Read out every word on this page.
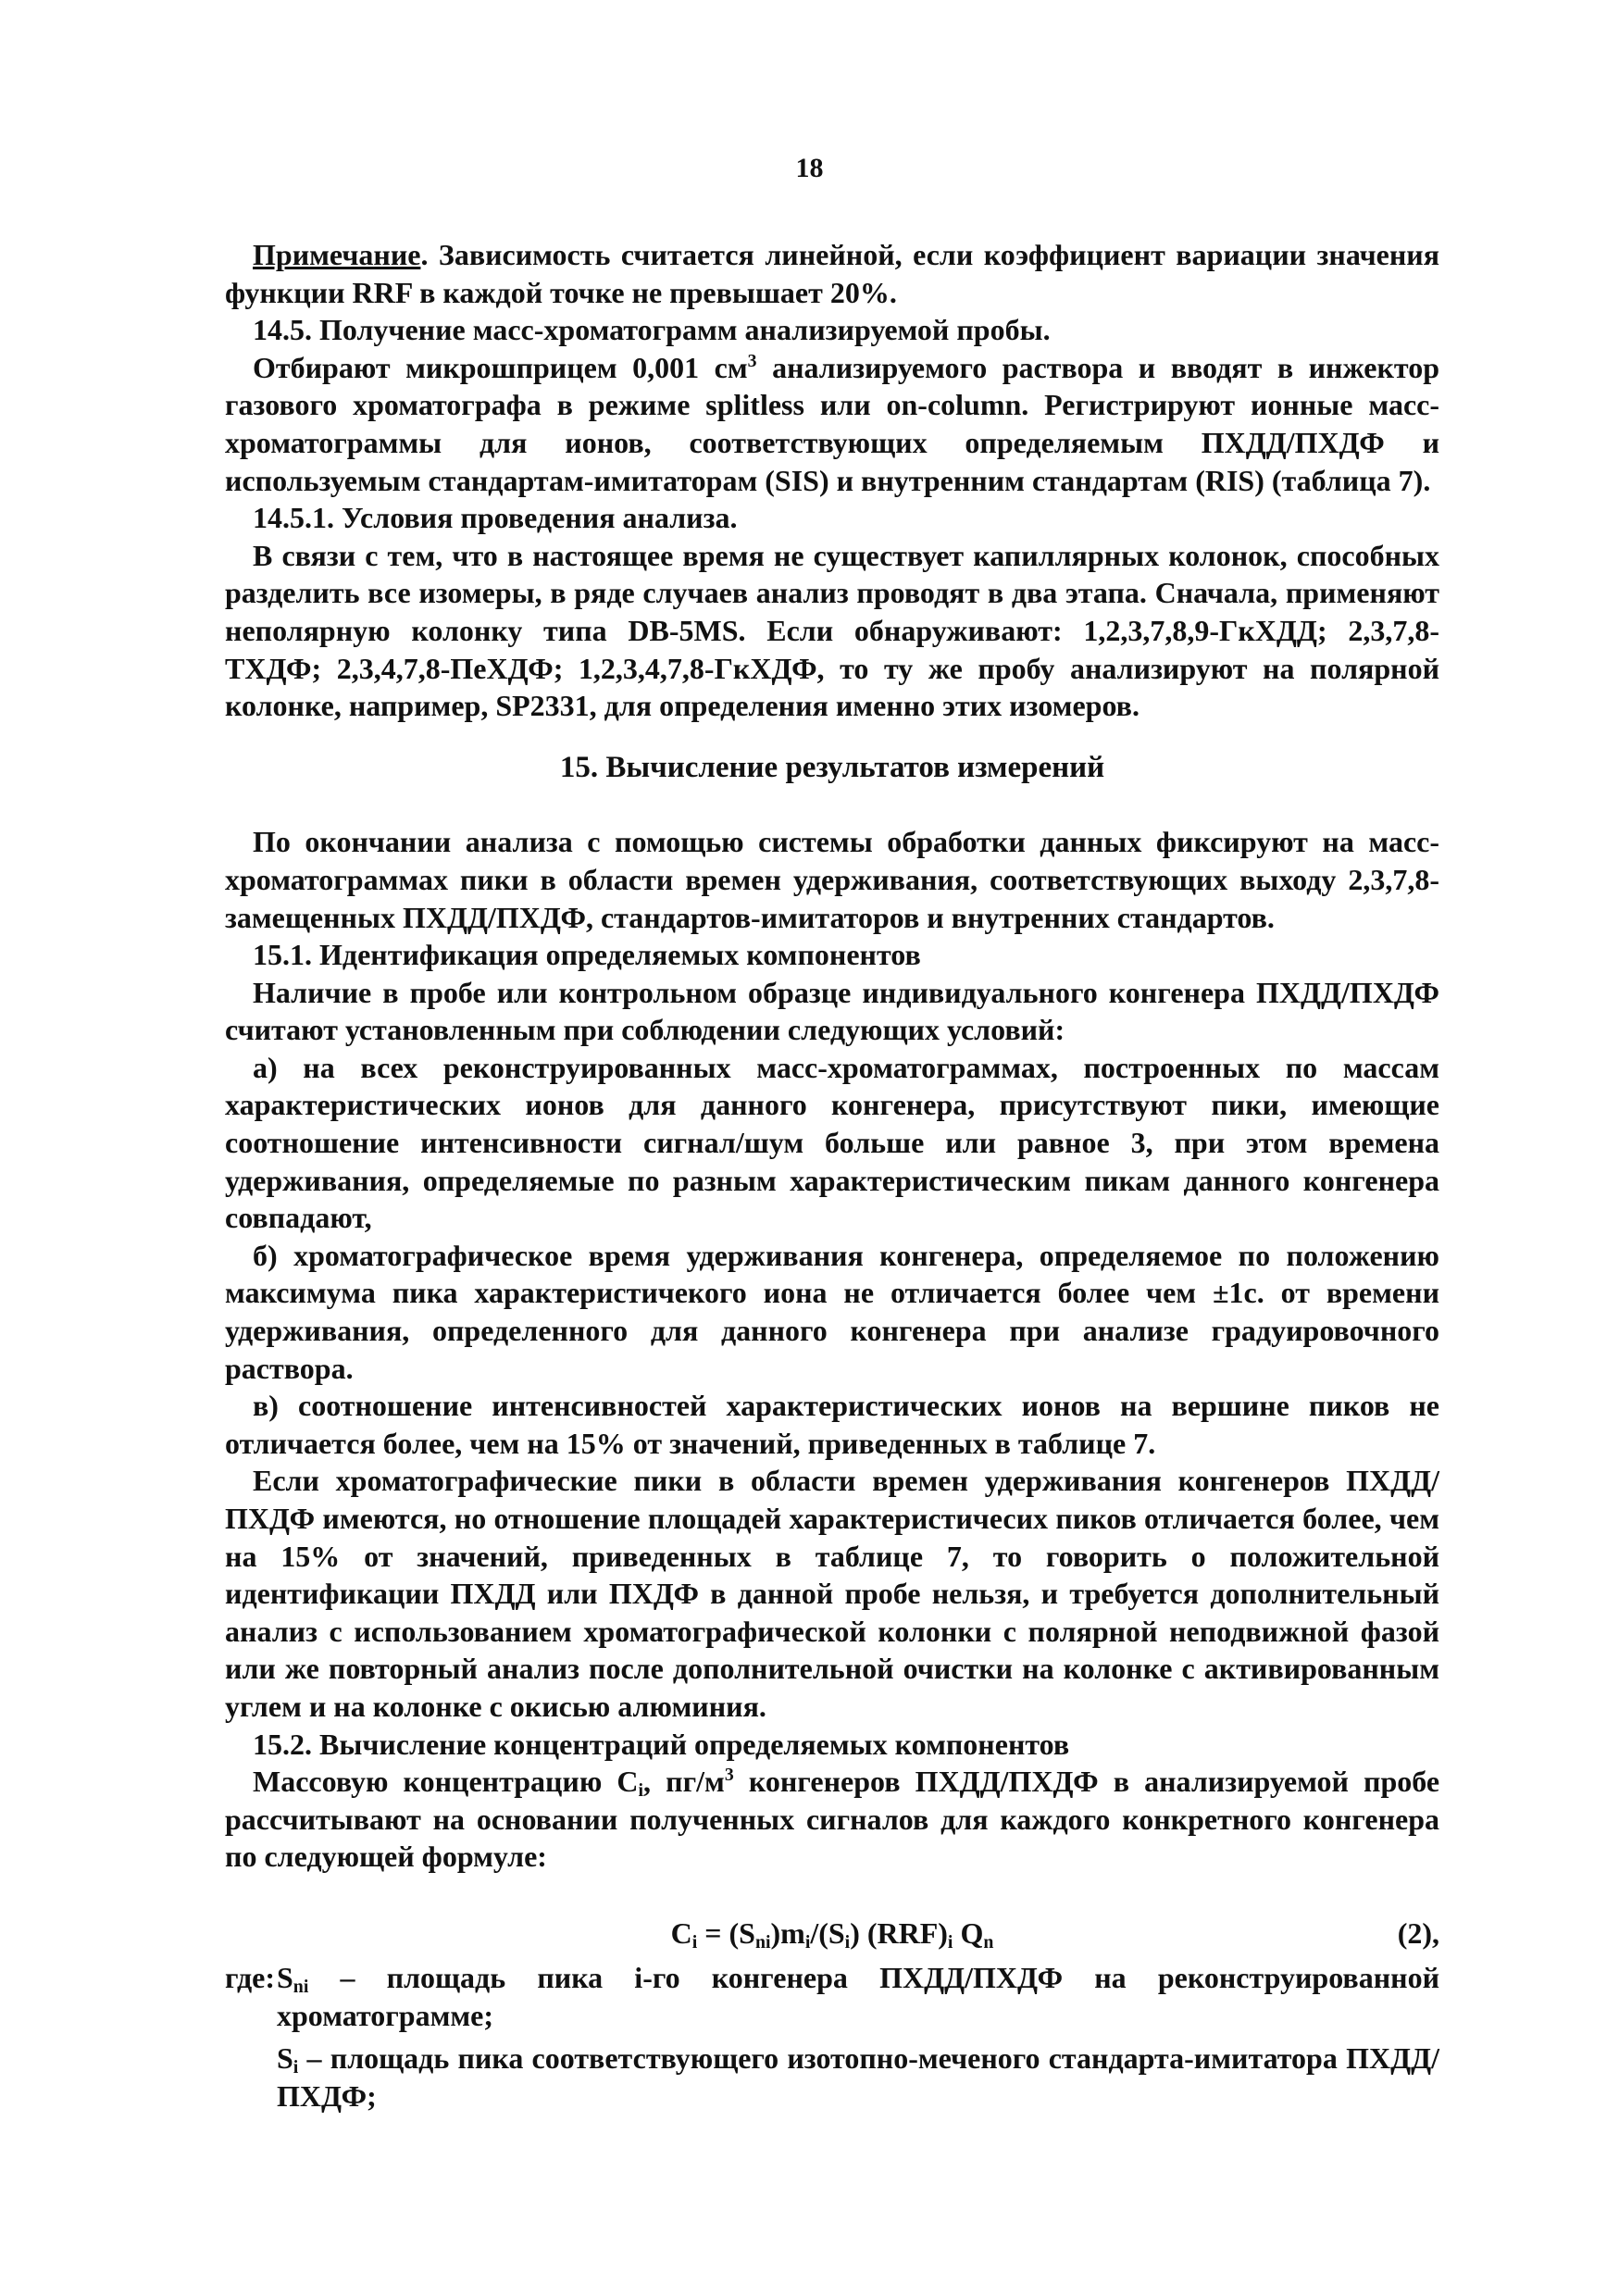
18

Примечание. Зависимость считается линейной, если коэффициент вариации значения функции RRF в каждой точке не превышает 20%.

14.5. Получение масс-хроматограмм анализируемой пробы.

Отбирают микрошприцем 0,001 $см^3$ анализируемого раствора и вводят в инжектор газового хроматографа в режиме splitless или on-column. Регистрируют ионные масс-хроматограммы для ионов, соответствующих определяемым ПХДД/ПХДФ и используемым стандартам-имитаторам (SIS) и внутренним стандартам (RIS) (таблица 7).

14.5.1. Условия проведения анализа.

В связи с тем, что в настоящее время не существует капиллярных колонок, способных разделить все изомеры, в ряде случаев анализ проводят в два этапа. Сначала, применяют неполярную колонку типа DB-5MS. Если обнаруживают: 1,2,3,7,8,9-ГкХДД; 2,3,7,8-ТХДФ; 2,3,4,7,8-ПеХДФ; 1,2,3,4,7,8-ГкХДФ, то ту же пробу анализируют на полярной колонке, например, SP2331, для определения именно этих изомеров.

15. Вычисление результатов измерений

По окончании анализа с помощью системы обработки данных фиксируют на масс-хроматограммах пики в области времен удерживания, соответствующих выходу 2,3,7,8-замещенных ПХДД/ПХДФ, стандартов-имитаторов и внутренних стандартов.

15.1. Идентификация определяемых компонентов

Наличие в пробе или контрольном образце индивидуального конгенера ПХДД/ПХДФ считают установленным при соблюдении следующих условий:

а) на всех реконструированных масс-хроматограммах, построенных по массам характеристических ионов для данного конгенера, присутствуют пики, имеющие соотношение интенсивности сигнал/шум больше или равное 3, при этом времена удерживания, определяемые по разным характеристическим пикам данного конгенера совпадают,

б) хроматографическое время удерживания конгенера, определяемое по положению максимума пика характеристичекого иона не отличается более чем ±1с. от времени удерживания, определенного для данного конгенера при анализе градуировочного раствора.

в) соотношение интенсивностей характеристических ионов на вершине пиков не отличается более, чем на 15% от значений, приведенных в таблице 7.

Если хроматографические пики в области времен удерживания конгенеров ПХДД/ПХДФ имеются, но отношение площадей характеристичесих пиков отличается более, чем на 15% от значений, приведенных в таблице 7, то говорить о положительной идентификации ПХДД или ПХДФ в данной пробе нельзя, и требуется дополнительный анализ с использованием хроматографической колонки с полярной неподвижной фазой или же повторный анализ после дополнительной очистки на колонке с активированным углем и на колонке с окисью алюминия.

15.2. Вычисление концентраций определяемых компонентов

Массовую концентрацию $C_i$, $пг/м^3$ конгенеров ПХДД/ПХДФ в анализируемой пробе рассчитывают на основании полученных сигналов для каждого конкретного конгенера по следующей формуле:

$C_i = (S_{ni})m_i/(S_i)$ $(RRF)_i$ $Q_n$	(2),
где: $S_{ni}$ – площадь пика i-го конгенера ПХДД/ПХДФ на реконструированной хроматограмме;

$S_i$ – площадь пика соответствующего изотопно-меченого стандарта-имитатора ПХДД/ПХДФ;
